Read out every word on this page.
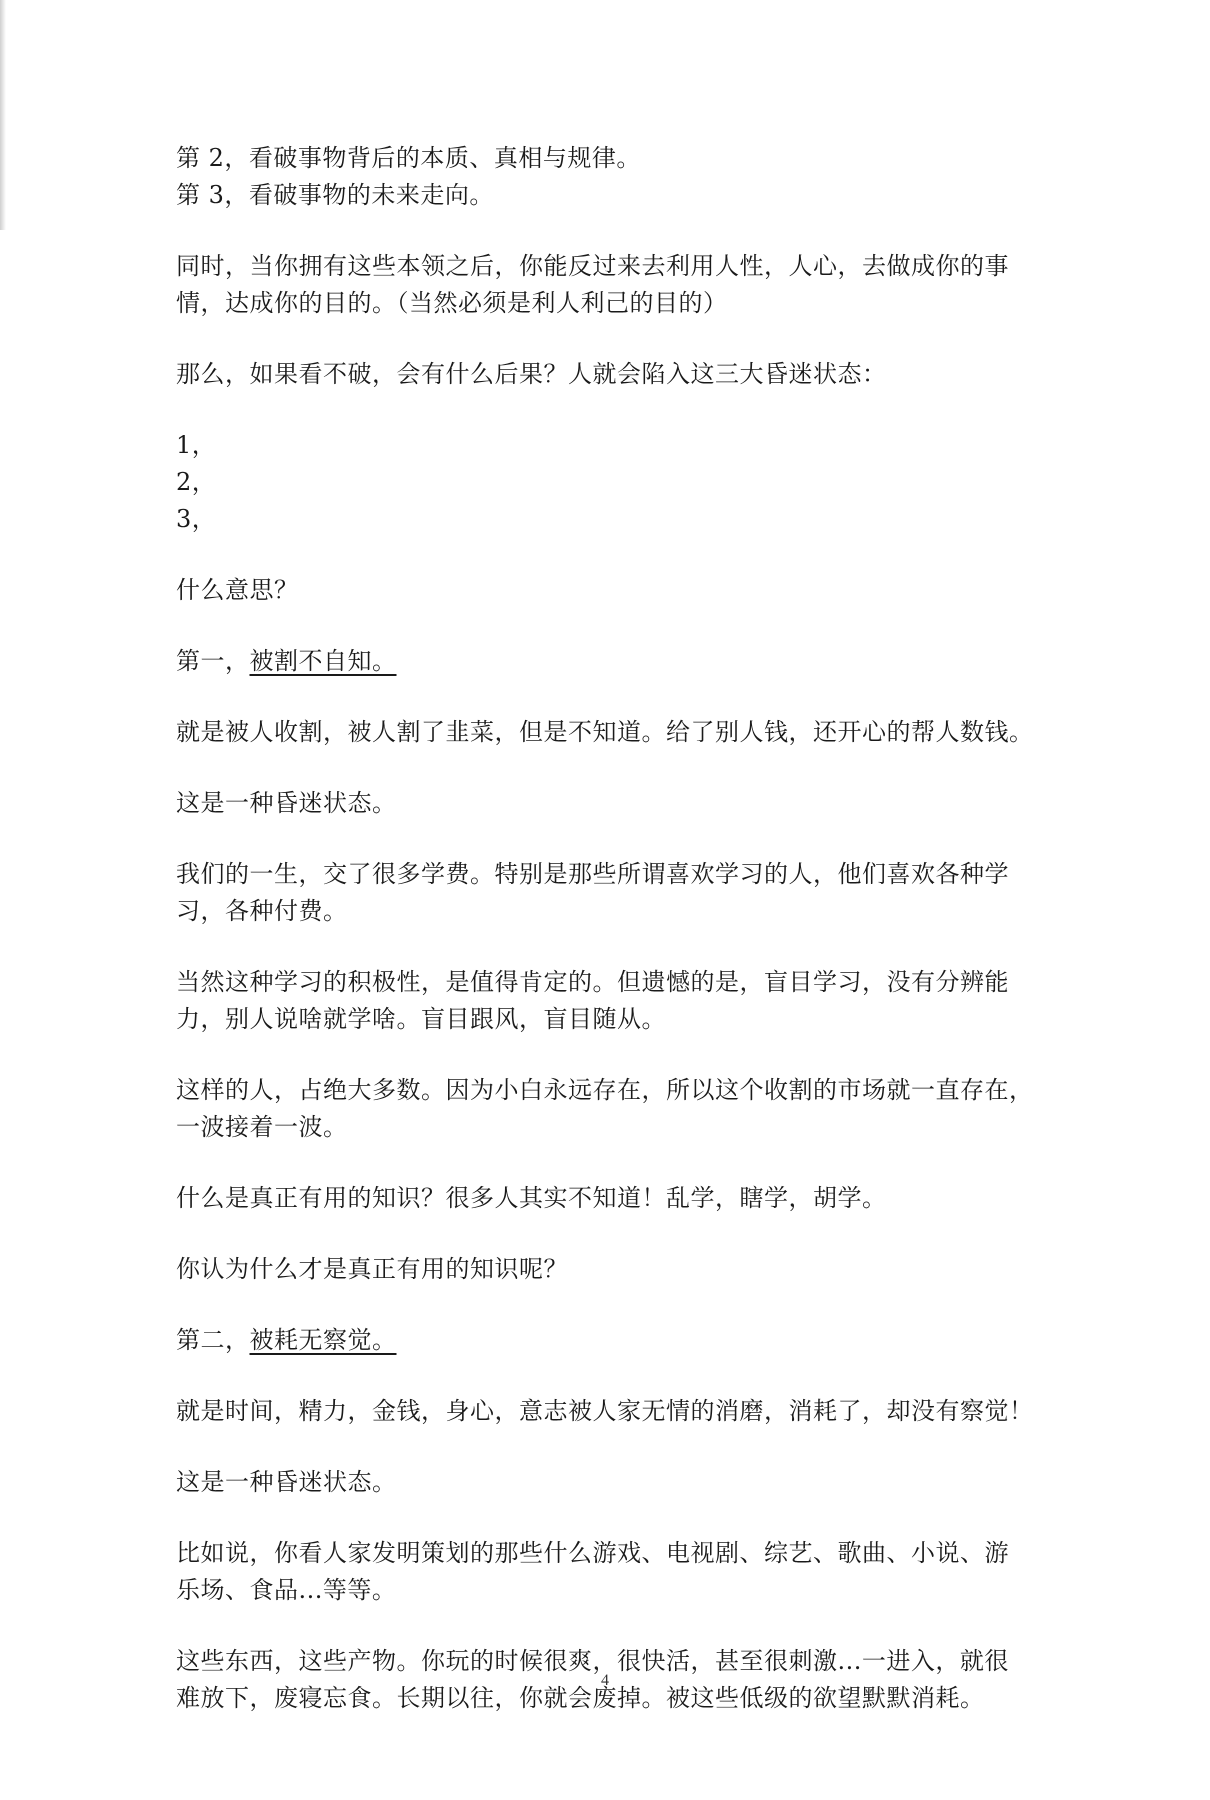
第 2，看破事物背后的本质、真相与规律。

第 3，看破事物的未来走向。

同时，当你拥有这些本领之后，你能反过来去利用人性，人心，去做成你的事

情，达成你的目的。（当然必须是利人利己的目的）

那么，如果看不破，会有什么后果？人就会陷入这三大昏迷状态：

1，

2，

3，

什么意思？

第一，被割不自知。

就是被人收割，被人割了韭菜，但是不知道。给了别人钱，还开心的帮人数钱。

这是一种昏迷状态。

我们的一生，交了很多学费。特别是那些所谓喜欢学习的人，他们喜欢各种学

习，各种付费。

当然这种学习的积极性，是值得肯定的。但遗憾的是，盲目学习，没有分辨能

力，别人说啥就学啥。盲目跟风，盲目随从。

这样的人，占绝大多数。因为小白永远存在，所以这个收割的市场就一直存在，

一波接着一波。

什么是真正有用的知识？很多人其实不知道！乱学，瞎学，胡学。

你认为什么才是真正有用的知识呢？

第二，被耗无察觉。

就是时间，精力，金钱，身心，意志被人家无情的消磨，消耗了，却没有察觉！

这是一种昏迷状态。

比如说，你看人家发明策划的那些什么游戏、电视剧、综艺、歌曲、小说、游

乐场、食品...等等。

这些东西，这些产物。你玩的时候很爽，很快活，甚至很刺激...一进入，就很

难放下，废寝忘食。长期以往，你就会废掉。被这些低级的欲望默默消耗。

4
